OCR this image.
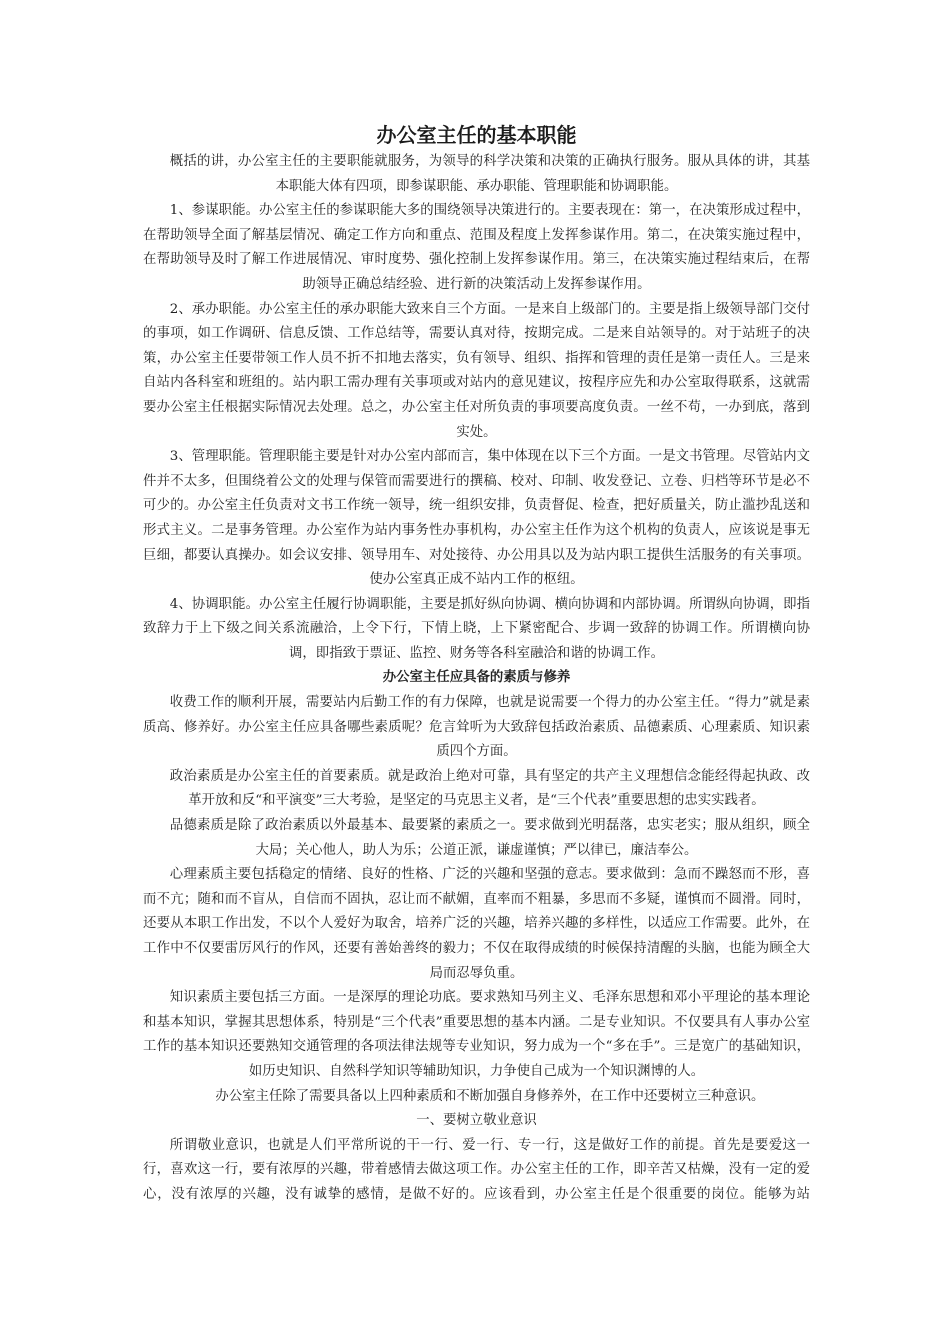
办公室主任的基本职能

概括的讲，办公室主任的主要职能就服务，为领导的科学决策和决策的正确执行服务。服从具体的讲，其基本职能大体有四项，即参谋职能、承办职能、管理职能和协调职能。

1、参谋职能。办公室主任的参谋职能大多的围绕领导决策进行的。主要表现在：第一，在决策形成过程中，在帮助领导全面了解基层情况、确定工作方向和重点、范围及程度上发挥参谋作用。第二，在决策实施过程中，在帮助领导及时了解工作进展情况、审时度势、强化控制上发挥参谋作用。第三，在决策实施过程结束后，在帮助领导正确总结经验、进行新的决策活动上发挥参谋作用。

2、承办职能。办公室主任的承办职能大致来自三个方面。一是来自上级部门的。主要是指上级领导部门交付的事项，如工作调研、信息反馈、工作总结等，需要认真对待，按期完成。二是来自站领导的。对于站班子的决策，办公室主任要带领工作人员不折不扣地去落实，负有领导、组织、指挥和管理的责任是第一责任人。三是来自站内各科室和班组的。站内职工需办理有关事项或对站内的意见建议，按程序应先和办公室取得联系，这就需要办公室主任根据实际情况去处理。总之，办公室主任对所负责的事项要高度负责。一丝不苟，一办到底，落到实处。

3、管理职能。管理职能主要是针对办公室内部而言，集中体现在以下三个方面。一是文书管理。尽管站内文件并不太多，但围绕着公文的处理与保管而需要进行的撰稿、校对、印制、收发登记、立卷、归档等环节是必不可少的。办公室主任负责对文书工作统一领导，统一组织安排，负责督促、检查，把好质量关，防止滥抄乱送和形式主义。二是事务管理。办公室作为站内事务性办事机构，办公室主任作为这个机构的负责人，应该说是事无巨细，都要认真操办。如会议安排、领导用车、对处接待、办公用具以及为站内职工提供生活服务的有关事项。使办公室真正成不站内工作的枢纽。

4、协调职能。办公室主任履行协调职能，主要是抓好纵向协调、横向协调和内部协调。所谓纵向协调，即指致辞力于上下级之间关系流融洽，上令下行，下情上晓，上下紧密配合、步调一致辞的协调工作。所谓横向协调，即指致于票证、监控、财务等各科室融洽和谐的协调工作。

办公室主任应具备的素质与修养

收费工作的顺利开展，需要站内后勤工作的有力保障，也就是说需要一个得力的办公室主任。“得力”就是素质高、修养好。办公室主任应具备哪些素质呢？危言耸听为大致辞包括政治素质、品德素质、心理素质、知识素质四个方面。

政治素质是办公室主任的首要素质。就是政治上绝对可靠，具有坚定的共产主义理想信念能经得起执政、改革开放和反“和平演变”三大考验，是坚定的马克思主义者，是“三个代表”重要思想的忠实实践者。

品德素质是除了政治素质以外最基本、最要紧的素质之一。要求做到光明磊落，忠实老实；服从组织，顾全大局；关心他人，助人为乐；公道正派，谦虚谨慎；严以律已，廉洁奉公。

心理素质主要包括稳定的情绪、良好的性格、广泛的兴趣和坚强的意志。要求做到：急而不躁怒而不形，喜而不亢；随和而不盲从，自信而不固执，忍让而不献媚，直率而不粗暴，多思而不多疑，谨慎而不圆滑。同时，还要从本职工作出发，不以个人爱好为取舍，培养广泛的兴趣，培养兴趣的多样性，以适应工作需要。此外，在工作中不仅要雷厉风行的作风，还要有善始善终的毅力；不仅在取得成绩的时候保持清醒的头脑，也能为顾全大局而忍辱负重。

知识素质主要包括三方面。一是深厚的理论功底。要求熟知马列主义、毛泽东思想和邓小平理论的基本理论和基本知识，掌握其思想体系，特别是“三个代表”重要思想的基本内涵。二是专业知识。不仅要具有人事办公室工作的基本知识还要熟知交通管理的各项法律法规等专业知识，努力成为一个“多在手”。三是宽广的基础知识，如历史知识、自然科学知识等辅助知识，力争使自己成为一个知识渊博的人。

办公室主任除了需要具备以上四种素质和不断加强自身修养外，在工作中还要树立三种意识。

一、要树立敬业意识

所谓敬业意识，也就是人们平常所说的干一行、爱一行、专一行，这是做好工作的前提。首先是要爱这一行，喜欢这一行，要有浓厚的兴趣，带着感情去做这项工作。办公室主任的工作，即辛苦又枯燥，没有一定的爱心，没有浓厚的兴趣，没有诚挚的感情，是做不好的。应该看到，办公室主任是个很重要的岗位。能够为站
